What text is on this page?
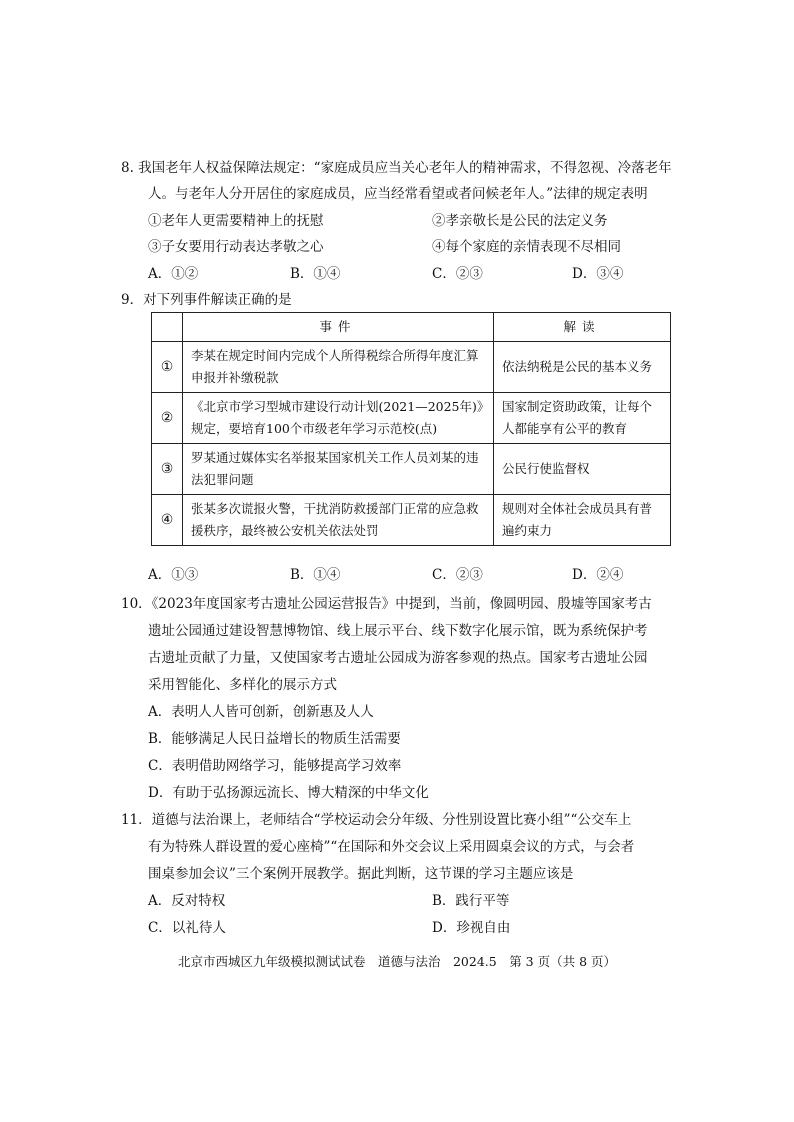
8. 我国老年人权益保障法规定：“家庭成员应当关心老年人的精神需求，不得忽视、冷落老年
人。与老年人分开居住的家庭成员，应当经常看望或者问候老年人。”法律的规定表明
①老年人更需要精神上的抚慰	②孝亲敬长是公民的法定义务
③子女要用行动表达孝敬之心	④每个家庭的亲情表现不尽相同
A．①②	B．①④	C．②③	D．③④
9．对下列事件解读正确的是
	事件	解读
①	李某在规定时间内完成个人所得税综合所得年度汇算申报并补缴税款	依法纳税是公民的基本义务
②	《北京市学习型城市建设行动计划(2021—2025年)》规定，要培育100个市级老年学习示范校(点)	国家制定资助政策，让每个人都能享有公平的教育
③	罗某通过媒体实名举报某国家机关工作人员刘某的违法犯罪问题	公民行使监督权
④	张某多次谎报火警，干扰消防救援部门正常的应急救援秩序，最终被公安机关依法处罚	规则对全体社会成员具有普遍约束力
A．①③	B．①④	C．②③	D．②④
10．《2023年度国家考古遗址公园运营报告》中提到，当前，像圆明园、殷墟等国家考古
遗址公园通过建设智慧博物馆、线上展示平台、线下数字化展示馆，既为系统保护考
古遗址贡献了力量，又使国家考古遗址公园成为游客参观的热点。国家考古遗址公园
采用智能化、多样化的展示方式
A．表明人人皆可创新，创新惠及人人
B．能够满足人民日益增长的物质生活需要
C．表明借助网络学习，能够提高学习效率
D．有助于弘扬源远流长、博大精深的中华文化
11．道德与法治课上，老师结合“学校运动会分年级、分性别设置比赛小组”“公交车上
有为特殊人群设置的爱心座椅”“在国际和外交会议上采用圆桌会议的方式，与会者
围桌参加会议”三个案例开展教学。据此判断，这节课的学习主题应该是
A．反对特权	B．践行平等
C．以礼待人	D．珍视自由
北京市西城区九年级模拟测试试卷　道德与法治　2024.5　第 3 页（共 8 页）
